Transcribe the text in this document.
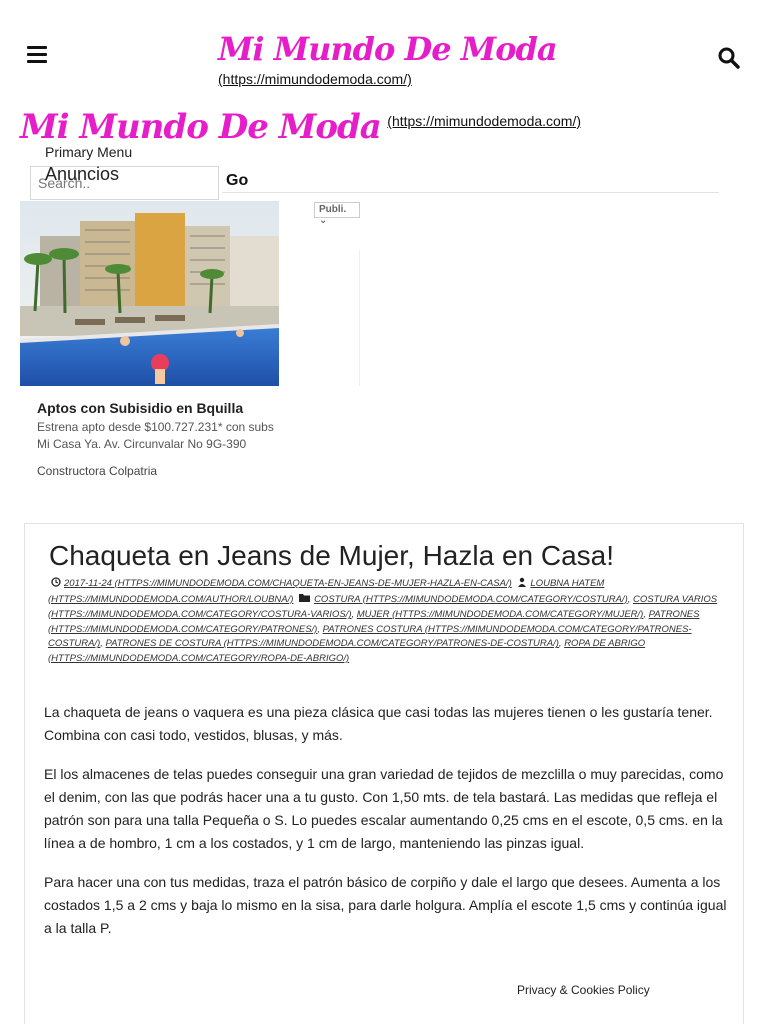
Mi Mundo De Moda
(https://mimundodemoda.com/)
Mi Mundo De Moda (https://mimundodemoda.com/)
Primary Menu
Search..
Anuncios	Go
Publi. ⌄
Aptos con Subisidio en Bquilla
Estrena apto desde $100.727.231* con subs
Mi Casa Ya. Av. Circunvalar No 9G-390
Constructora Colpatria
Chaqueta en Jeans de Mujer, Hazla en Casa!
2017-11-24 (HTTPS://MIMUNDODEMODA.COM/CHAQUETA-EN-JEANS-DE-MUJER-HAZLA-EN-CASA/) LOUBNA HATEM (HTTPS://MIMUNDODEMODA.COM/AUTHOR/LOUBNA/) COSTURA (HTTPS://MIMUNDODEMODA.COM/CATEGORY/COSTURA/), COSTURA VARIOS (HTTPS://MIMUNDODEMODA.COM/CATEGORY/COSTURA-VARIOS/), MUJER (HTTPS://MIMUNDODEMODA.COM/CATEGORY/MUJER/), PATRONES (HTTPS://MIMUNDODEMODA.COM/CATEGORY/PATRONES/), PATRONES COSTURA (HTTPS://MIMUNDODEMODA.COM/CATEGORY/PATRONES-COSTURA/), PATRONES DE COSTURA (HTTPS://MIMUNDODEMODA.COM/CATEGORY/PATRONES-DE-COSTURA/), ROPA DE ABRIGO (HTTPS://MIMUNDODEMODA.COM/CATEGORY/ROPA-DE-ABRIGO/)

La chaqueta de jeans o vaquera es una pieza clásica que casi todas las mujeres tienen o les gustaría tener. Combina con casi todo, vestidos, blusas, y más.

El los almacenes de telas puedes conseguir una gran variedad de tejidos de mezclilla o muy parecidas, como el denim, con las que podrás hacer una a tu gusto. Con 1,50 mts. de tela bastará. Las medidas que refleja el patrón son para una talla Pequeña o S. Lo puedes escalar aumentando 0,25 cms en el escote, 0,5 cms. en la línea a de hombro, 1 cm a los costados, y 1 cm de largo, manteniendo las pinzas igual.

Para hacer una con tus medidas, traza el patrón básico de corpiño y dale el largo que desees. Aumenta a los costados 1,5 a 2 cms y baja lo mismo en la sisa, para darle holgura. Amplía el escote 1,5 cms y continúa igual a la talla P.

Privacy & Cookies Policy
